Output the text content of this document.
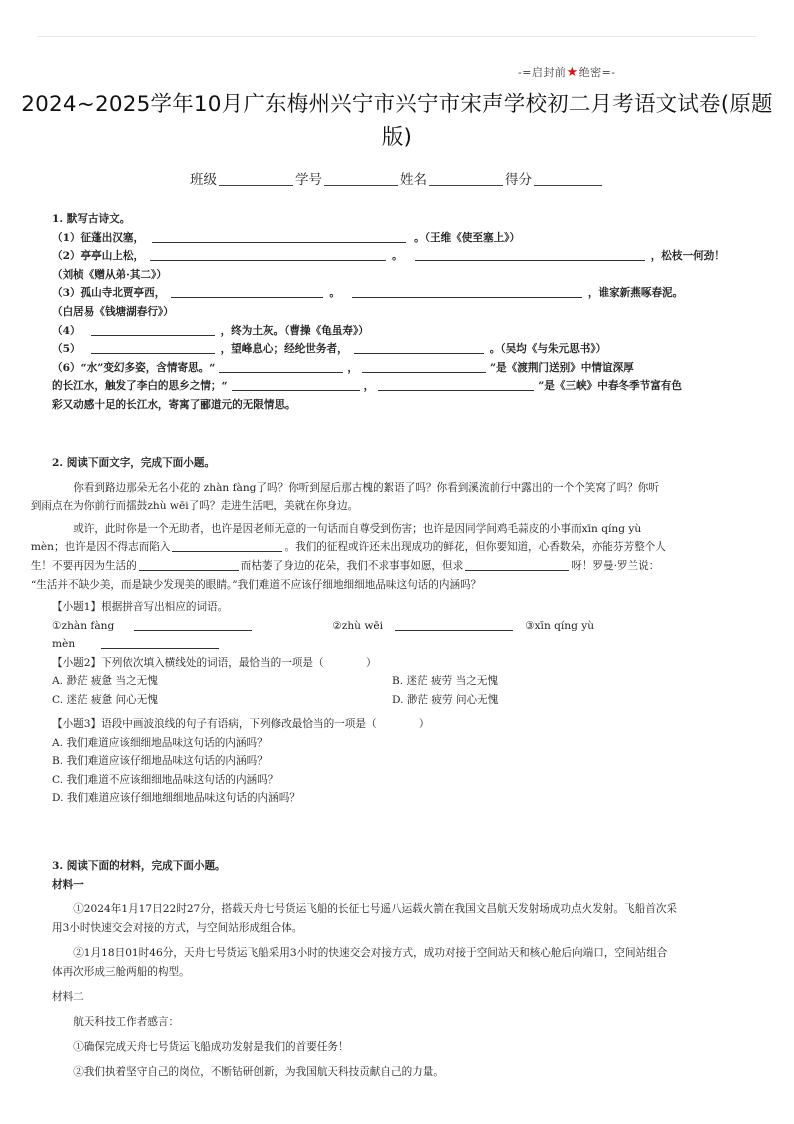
-=启封前★绝密=-
2024~2025学年10月广东梅州兴宁市兴宁市宋声学校初二月考语文试卷(原题
版)
班级	学号	姓名	得分
1. 默写古诗文。
（1）征蓬出汉塞，	。（王维《使至塞上》）
（2）亭亭山上松，	。	，松枝一何劲！
（刘桢《赠从弟·其二》）
（3）孤山寺北贾亭西，	。	，谁家新燕啄春泥。
（白居易《钱塘湖春行》）
（4）	，终为土灰。（曹操《龟虽寿》）
（5）	，望峰息心；经纶世务者，	。（吴均《与朱元思书》）
（6）“水”变幻多姿，含情寄思。“	，	”是《渡荆门送别》中情谊深厚
的长江水，触发了李白的思乡之情；“	，	”是《三峡》中春冬季节富有色
彩又动感十足的长江水，寄寓了郦道元的无限情思。
2. 阅读下面文字，完成下面小题。
你看到路边那朵无名小花的 zhàn fàng了吗？你听到屋后那古槐的絮语了吗？你看到溪流前行中露出的一个个笑窝了吗？你听
到雨点在为你前行而擂鼓zhù wēi了吗？走进生活吧，美就在你身边。
或许，此时你是一个无助者，也许是因老师无意的一句话而自尊受到伤害；也许是因同学间鸡毛蒜皮的小事而xīn qíng yù
mèn；也许是因不得志而陷入	。我们的征程或许还未出现成功的鲜花，但你要知道，心香数朵，亦能芬芳整个人
生！不要再因为生活的	而枯萎了身边的花朵，我们不求事事如愿，但求	呀！罗曼·罗兰说：
“生活并不缺少美，而是缺少发现美的眼睛。”我们难道不应该仔细地细细地品味这句话的内涵吗？
【小题1】根据拼音写出相应的词语。
①zhàn fàng	②zhù wēi	③xīn qíng yù
mèn
【小题2】下列依次填入横线处的词语，最恰当的一项是（　　　　）
A. 渺茫 疲惫 当之无愧	B. 迷茫 疲劳 当之无愧
C. 迷茫 疲惫 问心无愧	D. 渺茫 疲劳 问心无愧
【小题3】语段中画波浪线的句子有语病，下列修改最恰当的一项是（　　　　）
A. 我们难道应该细细地品味这句话的内涵吗？
B. 我们难道应该仔细地品味这句话的内涵吗？
C. 我们难道不应该细细地品味这句话的内涵吗？
D. 我们难道应该仔细地细细地品味这句话的内涵吗？
3. 阅读下面的材料，完成下面小题。
材料一
①2024年1月17日22时27分，搭载天舟七号货运飞船的长征七号遥八运载火箭在我国文昌航天发射场成功点火发射。飞船首次采
用3小时快速交会对接的方式，与空间站形成组合体。
②1月18日01时46分，天舟七号货运飞船采用3小时的快速交会对接方式，成功对接于空间站天和核心舱后向端口，空间站组合
体再次形成三舱两船的构型。
材料二
航天科技工作者感言：
①确保完成天舟七号货运飞船成功发射是我们的首要任务！
②我们执着坚守自己的岗位，不断钻研创新，为我国航天科技贡献自己的力量。
